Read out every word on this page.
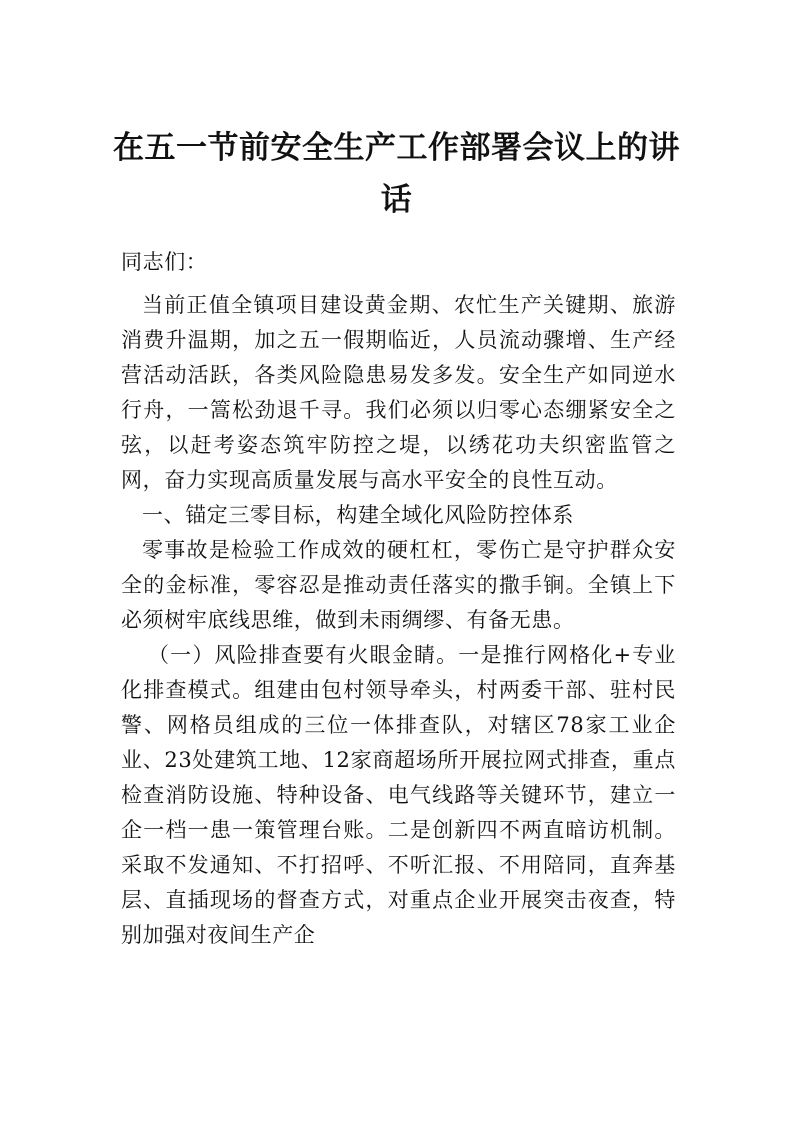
在五一节前安全生产工作部署会议上的讲话

同志们：

当前正值全镇项目建设黄金期、农忙生产关键期、旅游消费升温期，加之五一假期临近，人员流动骤增、生产经营活动活跃，各类风险隐患易发多发。安全生产如同逆水行舟，一篙松劲退千寻。我们必须以归零心态绷紧安全之弦，以赶考姿态筑牢防控之堤，以绣花功夫织密监管之网，奋力实现高质量发展与高水平安全的良性互动。

一、锚定三零目标，构建全域化风险防控体系

零事故是检验工作成效的硬杠杠，零伤亡是守护群众安全的金标准，零容忍是推动责任落实的撒手锏。全镇上下必须树牢底线思维，做到未雨绸缪、有备无患。

（一）风险排查要有火眼金睛。一是推行网格化+专业化排查模式。组建由包村领导牵头，村两委干部、驻村民警、网格员组成的三位一体排查队，对辖区78家工业企业、23处建筑工地、12家商超场所开展拉网式排查，重点检查消防设施、特种设备、电气线路等关键环节，建立一企一档一患一策管理台账。二是创新四不两直暗访机制。采取不发通知、不打招呼、不听汇报、不用陪同，直奔基层、直插现场的督查方式，对重点企业开展突击夜查，特别加强对夜间生产企
